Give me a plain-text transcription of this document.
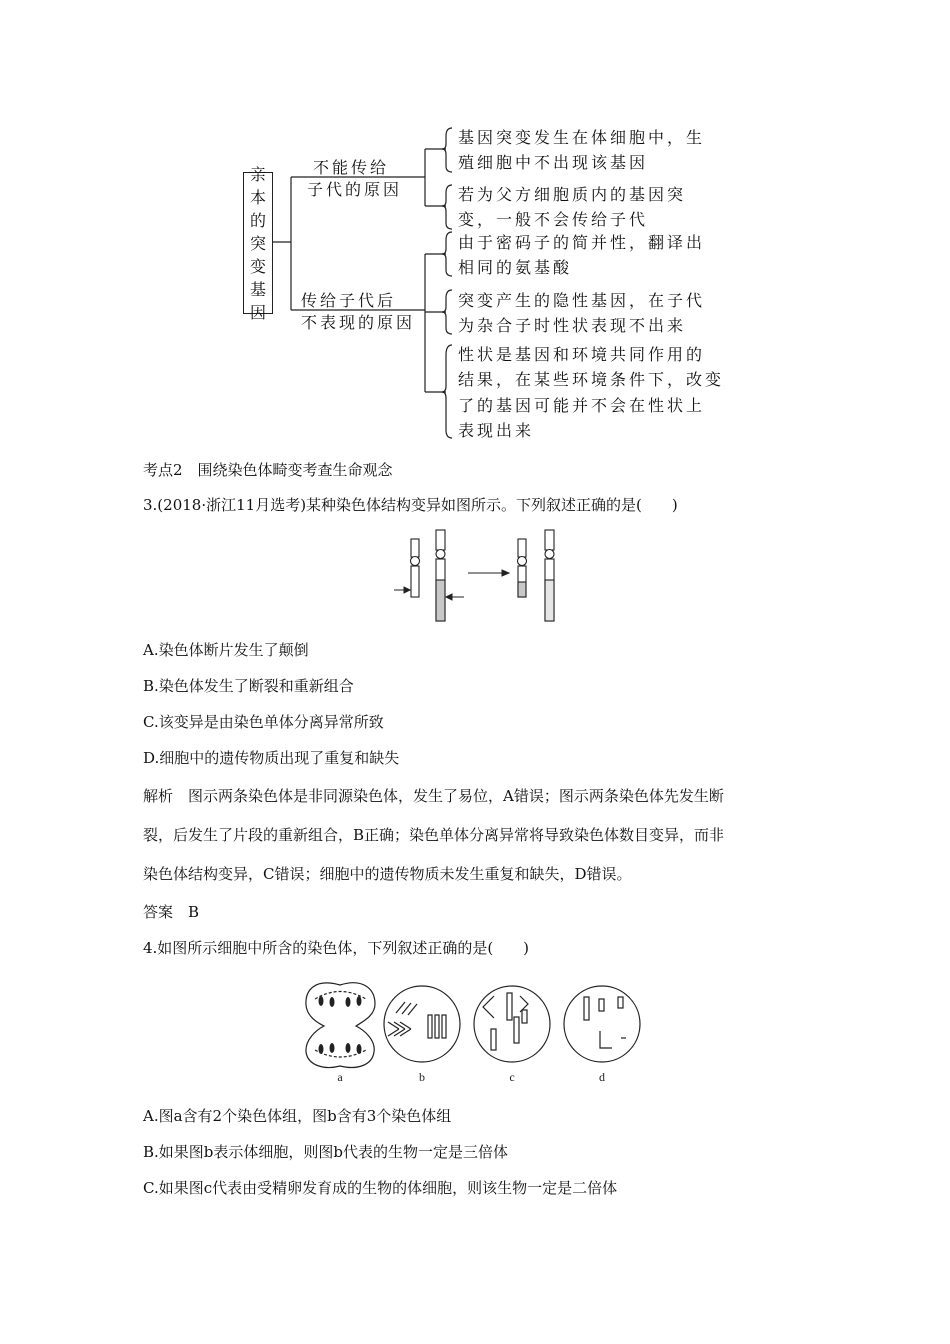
亲
本
的
突
变
基
因
不能传给
子代的原因
传给子代后
不表现的原因
基因突变发生在体细胞中，生
殖细胞中不出现该基因
若为父方细胞质内的基因突
变，一般不会传给子代
由于密码子的简并性，翻译出
相同的氨基酸
突变产生的隐性基因，在子代
为杂合子时性状表现不出来
性状是基因和环境共同作用的
结果，在某些环境条件下，改变
了的基因可能并不会在性状上
表现出来
考点2　围绕染色体畸变考查生命观念
3.(2018·浙江11月选考)某种染色体结构变异如图所示。下列叙述正确的是(　　)
A.染色体断片发生了颠倒
B.染色体发生了断裂和重新组合
C.该变异是由染色单体分离异常所致
D.细胞中的遗传物质出现了重复和缺失
解析　图示两条染色体是非同源染色体，发生了易位，A错误；图示两条染色体先发生断
裂，后发生了片段的重新组合，B正确；染色单体分离异常将导致染色体数目变异，而非
染色体结构变异，C错误；细胞中的遗传物质未发生重复和缺失，D错误。
答案　B
4.如图所示细胞中所含的染色体，下列叙述正确的是(　　)
a	b	c	d
A.图a含有2个染色体组，图b含有3个染色体组
B.如果图b表示体细胞，则图b代表的生物一定是三倍体
C.如果图c代表由受精卵发育成的生物的体细胞，则该生物一定是二倍体
